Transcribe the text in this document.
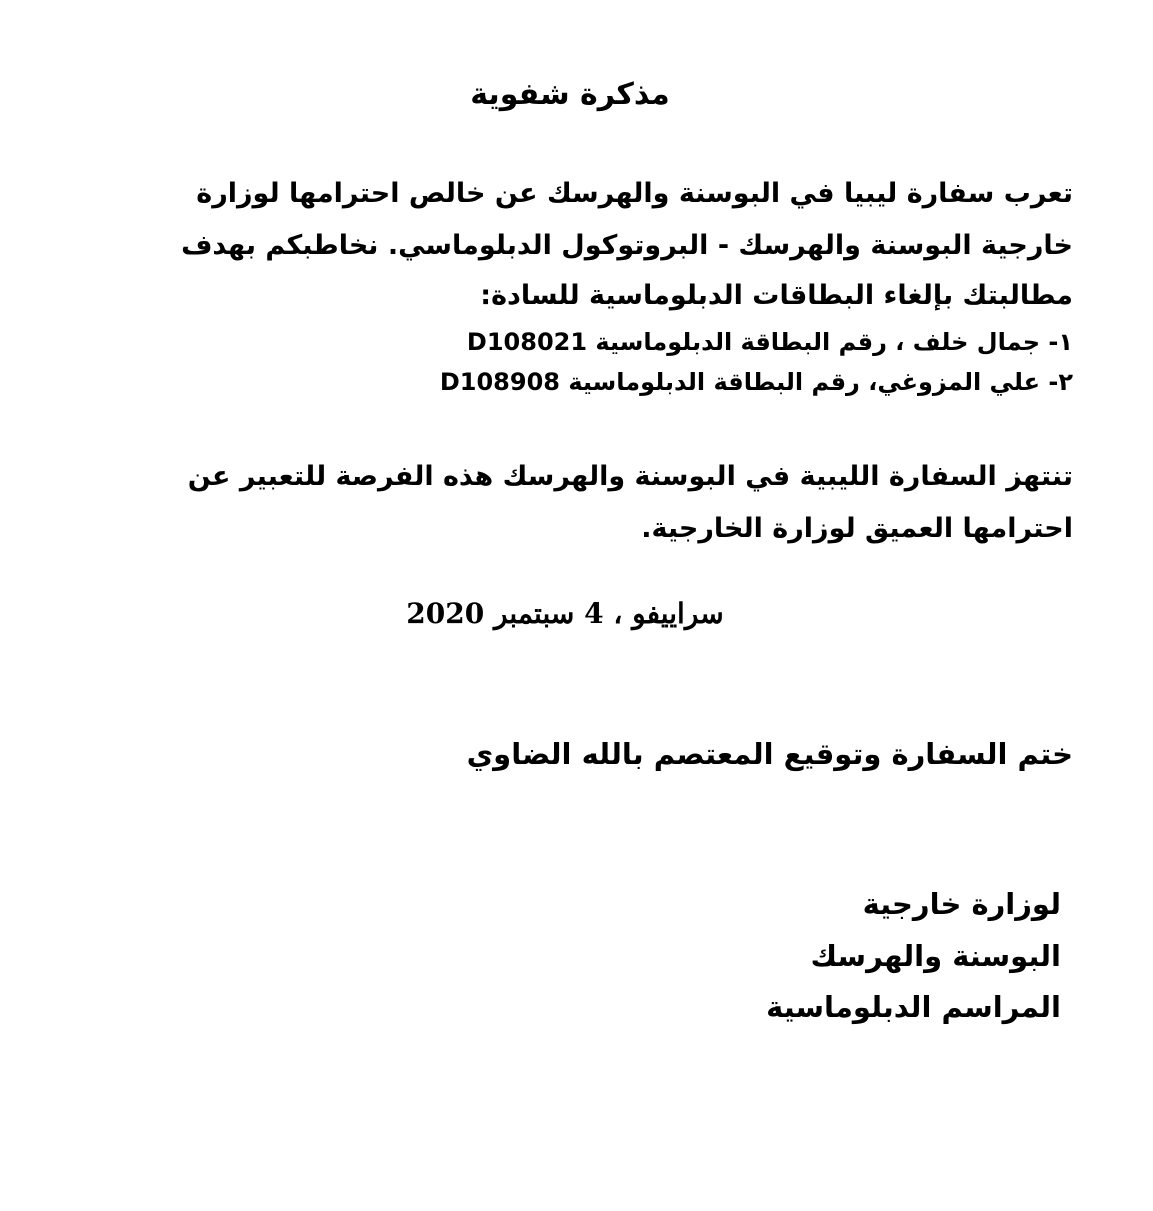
مذكرة شفوية
تعرب سفارة ليبيا في البوسنة والهرسك عن خالص احترامها لوزارة
خارجية البوسنة والهرسك - البروتوكول الدبلوماسي. نخاطبكم بهدف
مطالبتك بإلغاء البطاقات الدبلوماسية للسادة:
١- جمال خلف ، رقم البطاقة الدبلوماسية D108021
٢- علي المزوغي، رقم البطاقة الدبلوماسية D108908
تنتهز السفارة الليبية في البوسنة والهرسك هذه الفرصة للتعبير عن
احترامها العميق لوزارة الخارجية.
سراييفو ، 4 سبتمبر 2020
ختم السفارة وتوقيع المعتصم بالله الضاوي
لوزارة خارجية
البوسنة والهرسك
المراسم الدبلوماسية
